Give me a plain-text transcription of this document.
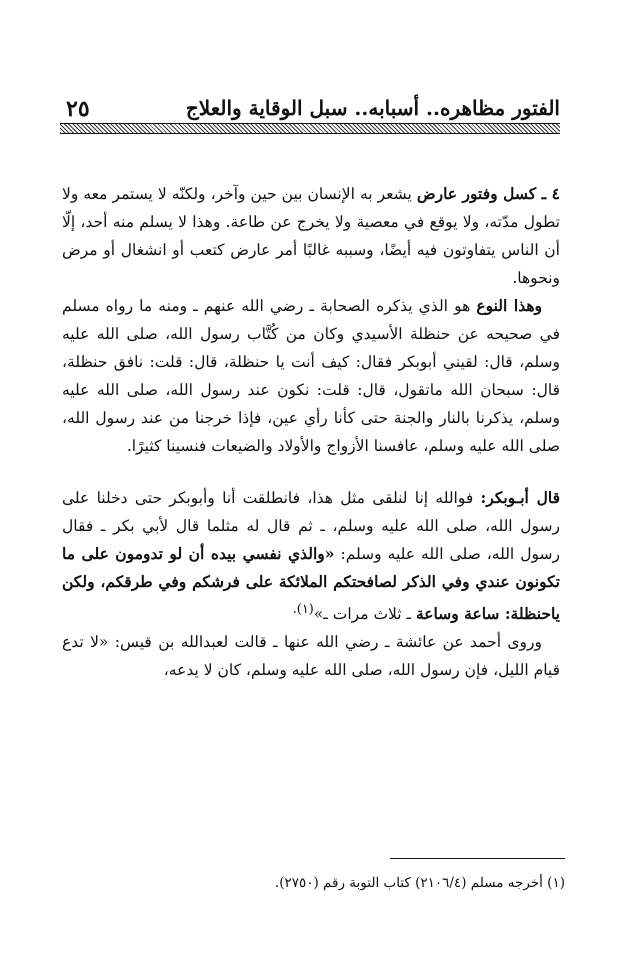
الفتور مظاهره.. أسبابه.. سبل الوقاية والعلاج
٢٥

٤ ـ كسل وفتور عارض يشعر به الإنسان بين حين وآخر، ولكنّه لا يستمر معه ولا تطول مدّته، ولا يوقع في معصية ولا يخرج عن طاعة. وهذا لا يسلم منه أحد، إلّا أن الناس يتفاوتون فيه أيضًا، وسببه غالبًا أمر عارض كتعب أو انشغال أو مرض ونحوها.

وهذا النوع هو الذي يذكره الصحابة ـ رضي الله عنهم ـ ومنه ما رواه مسلم في صحيحه عن حنظلة الأسيدي وكان من كُتَّاب رسول الله، صلى الله عليه وسلم، قال: لقيني أبوبكر فقال: كيف أنت يا حنظلة، قال: قلت: نافق حنظلة، قال: سبحان الله ماتقول، قال: قلت: نكون عند رسول الله، صلى الله عليه وسلم، يذكرنا بالنار والجنة حتى كأنا رأي عين، فإذا خرجنا من عند رسول الله، صلى الله عليه وسلم، عافسنا الأزواج والأولاد والضيعات فنسينا كثيرًا.

قال أبـوبكر: فوالله إنا لنلقى مثل هذا، فانطلقت أنا وأبوبكر حتى دخلنا على رسول الله، صلى الله عليه وسلم، ـ ثم قال له مثلما قال لأبي بكر ـ فقال رسول الله، صلى الله عليه وسلم: «والذي نفسي بيده أن لو تدومون على ما تكونون عندي وفي الذكر لصافحتكم الملائكة على فرشكم وفي طرقكم، ولكن ياحنظلة: ساعة وساعة ـ ثلاث مرات ـ»$^{(١).}$

وروى أحمد عن عائشة ـ رضي الله عنها ـ قالت لعبدالله بن قيس: «لا تدع قيام الليل، فإن رسول الله، صلى الله عليه وسلم، كان لا يدعه،

(١) أخرجه مسلم (٢١٠٦/٤) كتاب التوبة رقم (٢٧٥٠).
